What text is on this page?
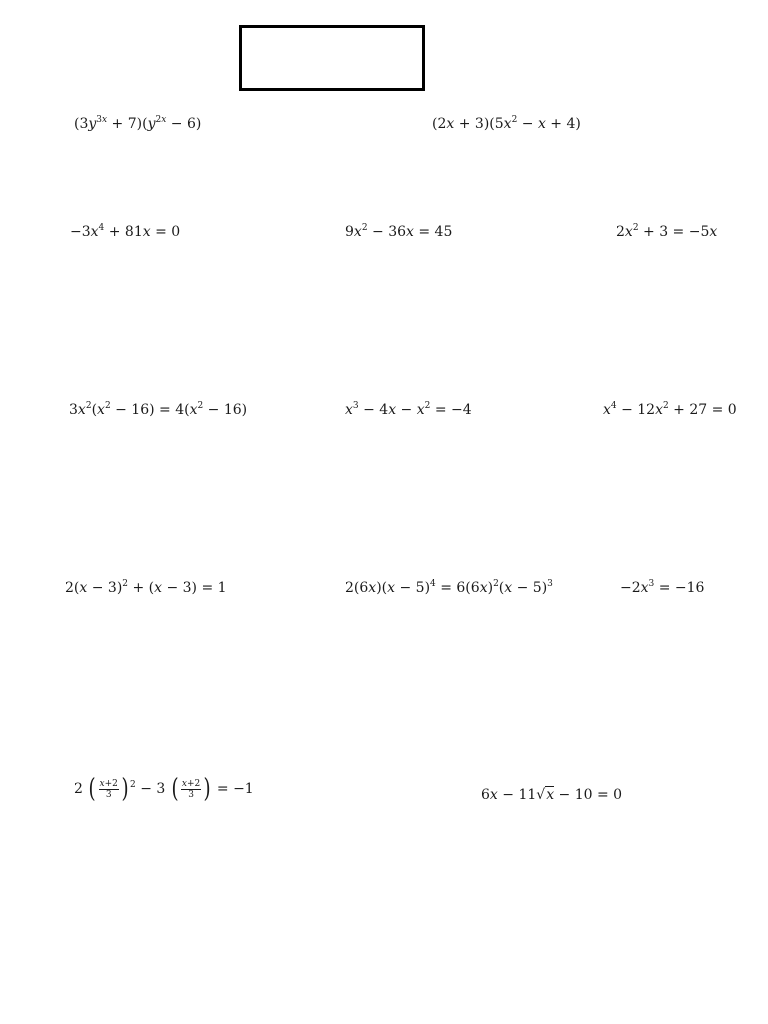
$(3y^{3x} + 7)(y^{2x} - 6)$	$(2x + 3)(5x^2 - x + 4)$
$-3x^4 + 81x = 0$	$9x^2 - 36x = 45$	$2x^2 + 3 = -5x$
$3x^2(x^2 - 16) = 4(x^2 - 16)$	$x^3 - 4x - x^2 = -4$	$x^4 - 12x^2 + 27 = 0$
$2(x - 3)^2 + (x - 3) = 1$	$2(6x)(x - 5)^4 = 6(6x)^2(x - 5)^3$	$-2x^3 = -16$
2 ( $\frac{x+2}{3}$ ) $^2$ − 3 ( $\frac{x+2}{3}$ ) = −1	6x − 11√x − 10 = 0
